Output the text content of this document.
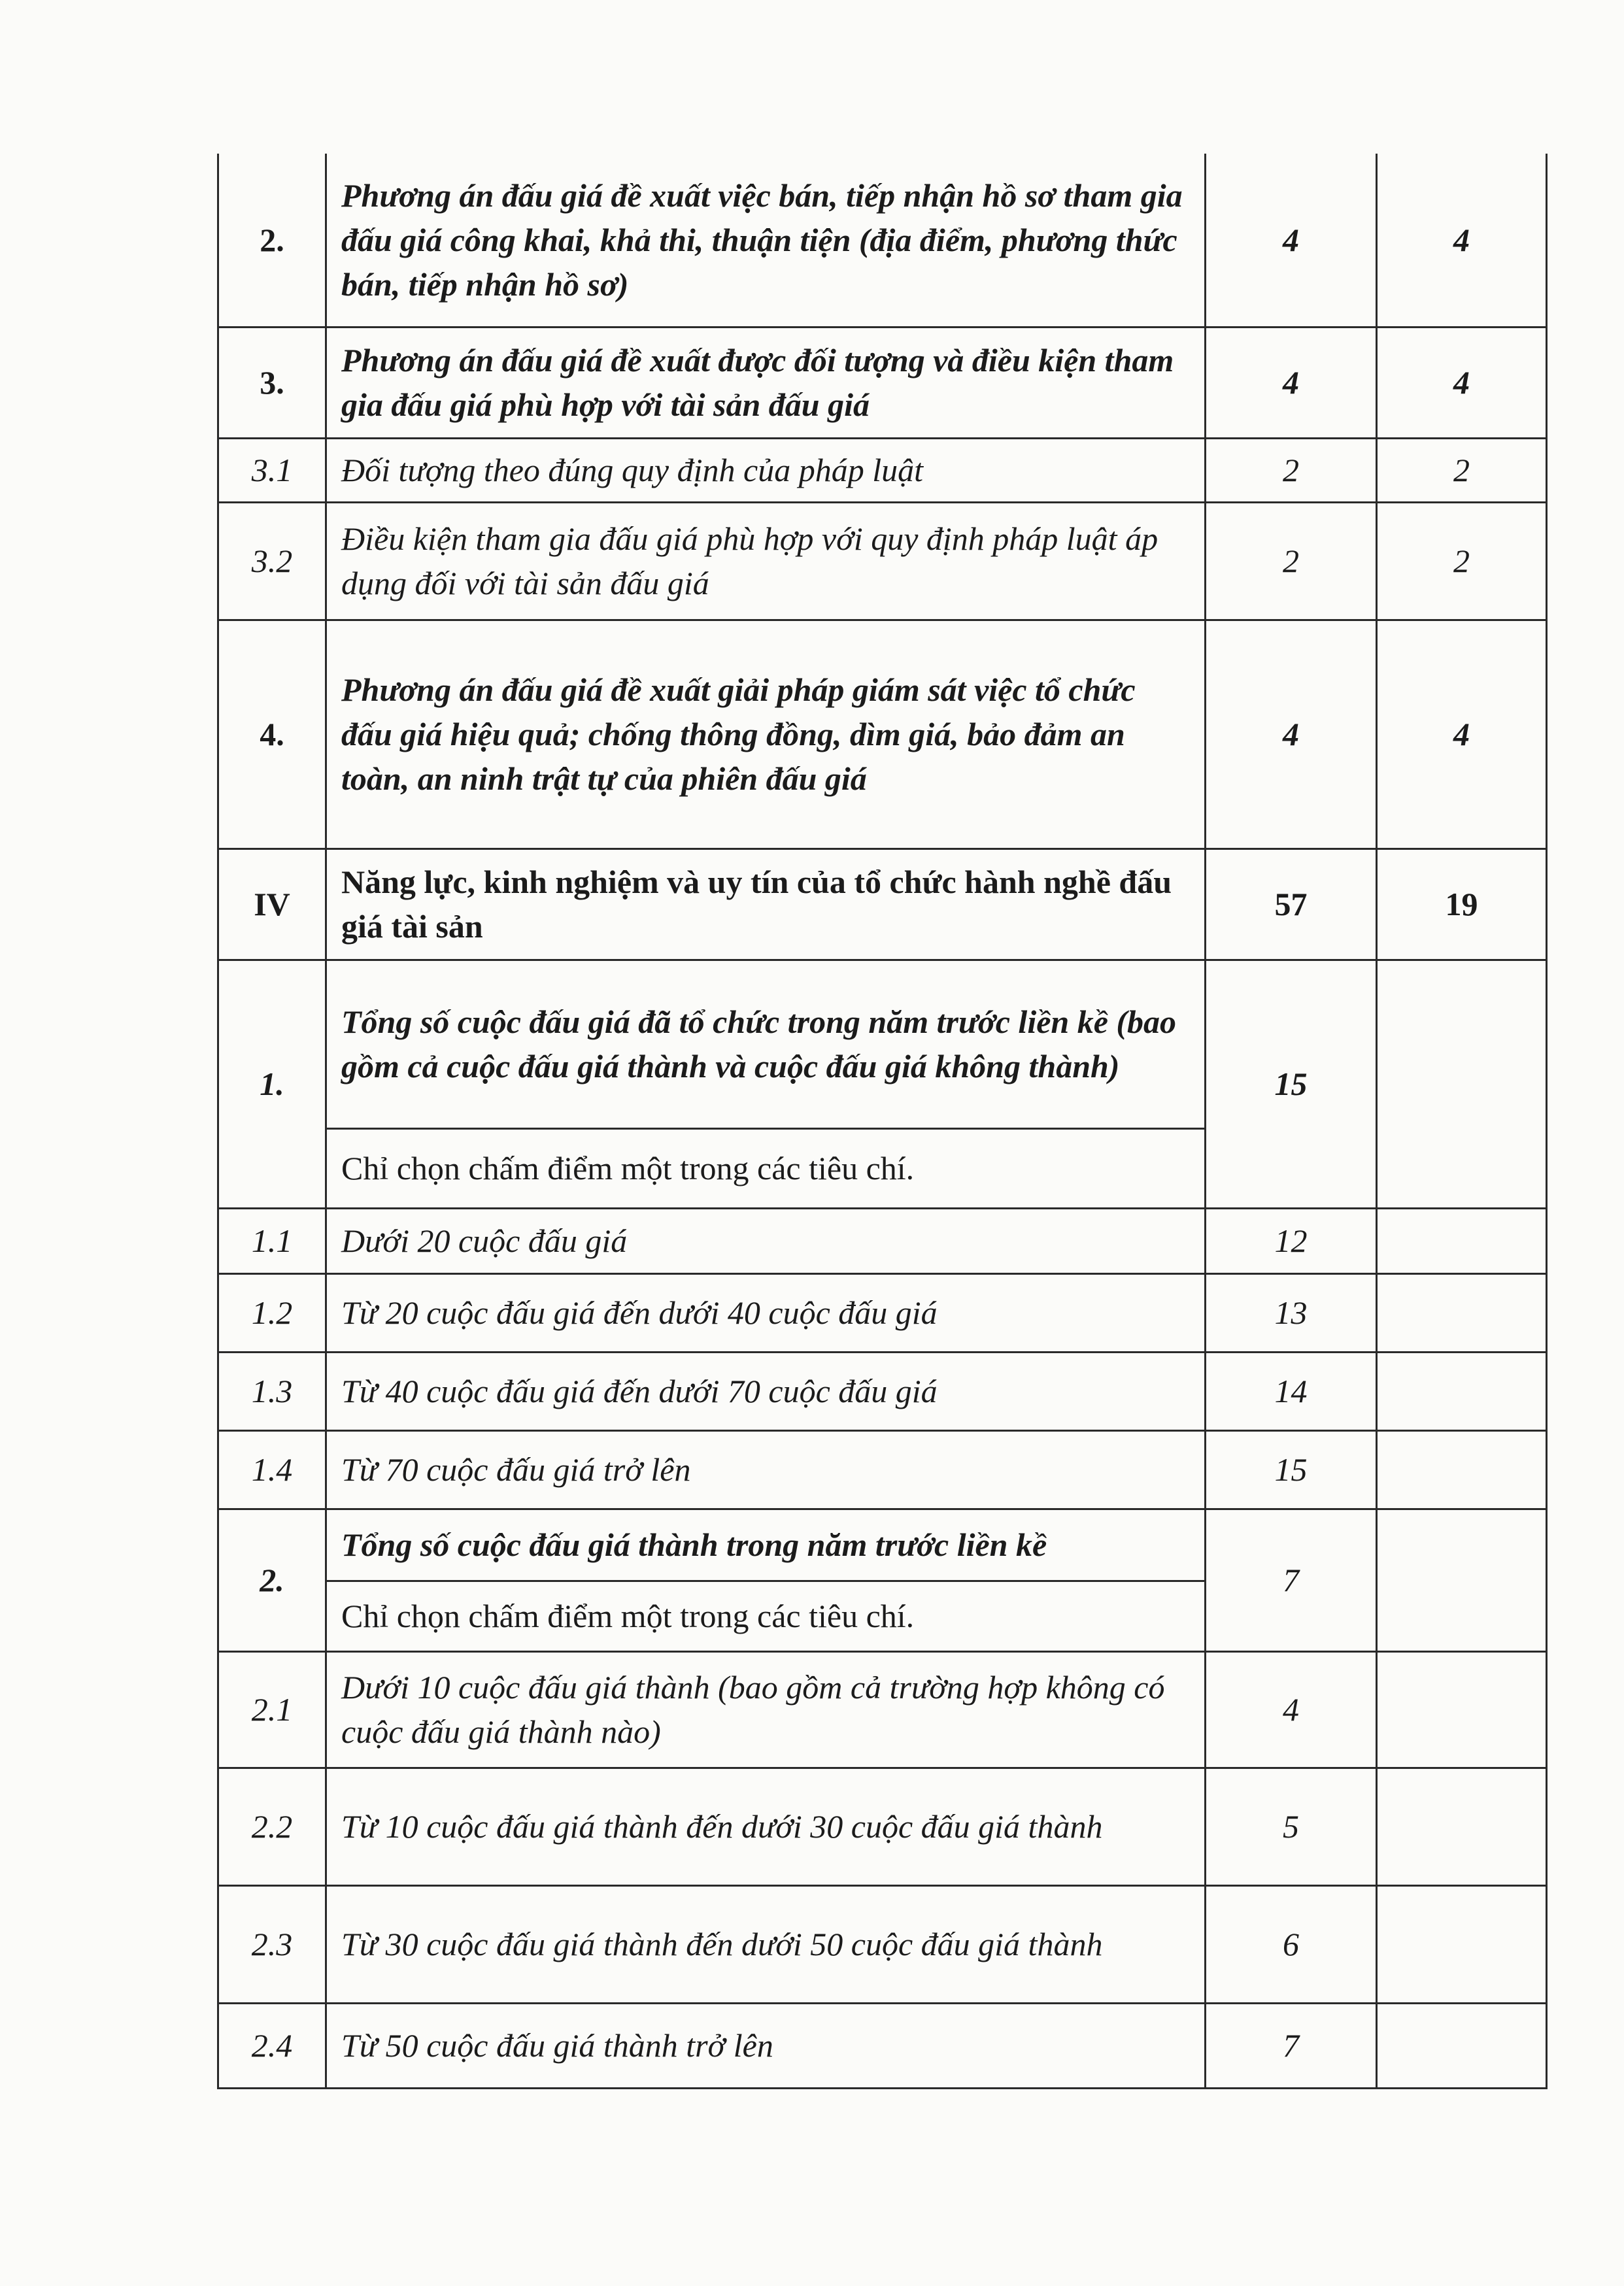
2.	Phương án đấu giá đề xuất việc bán, tiếp nhận hồ sơ tham gia đấu giá công khai, khả thi, thuận tiện (địa điểm, phương thức bán, tiếp nhận hồ sơ)	4	4
3.	Phương án đấu giá đề xuất được đối tượng và điều kiện tham gia đấu giá phù hợp với tài sản đấu giá	4	4
3.1	Đối tượng theo đúng quy định của pháp luật	2	2
3.2	Điều kiện tham gia đấu giá phù hợp với quy định pháp luật áp dụng đối với tài sản đấu giá	2	2
4.	Phương án đấu giá đề xuất giải pháp giám sát việc tổ chức đấu giá hiệu quả; chống thông đồng, dìm giá, bảo đảm an toàn, an ninh trật tự của phiên đấu giá	4	4
IV	Năng lực, kinh nghiệm và uy tín của tổ chức hành nghề đấu giá tài sản	57	19
1.	Tổng số cuộc đấu giá đã tổ chức trong năm trước liền kề (bao gồm cả cuộc đấu giá thành và cuộc đấu giá không thành)	15	
	Chỉ chọn chấm điểm một trong các tiêu chí.		
1.1	Dưới 20 cuộc đấu giá	12	
1.2	Từ 20 cuộc đấu giá đến dưới 40 cuộc đấu giá	13	
1.3	Từ 40 cuộc đấu giá đến dưới 70 cuộc đấu giá	14	
1.4	Từ 70 cuộc đấu giá trở lên	15	
2.	Tổng số cuộc đấu giá thành trong năm trước liền kề	7	
	Chỉ chọn chấm điểm một trong các tiêu chí.		
2.1	Dưới 10 cuộc đấu giá thành (bao gồm cả trường hợp không có cuộc đấu giá thành nào)	4	
2.2	Từ 10 cuộc đấu giá thành đến dưới 30 cuộc đấu giá thành	5	
2.3	Từ 30 cuộc đấu giá thành đến dưới 50 cuộc đấu giá thành	6	
2.4	Từ 50 cuộc đấu giá thành trở lên	7	
